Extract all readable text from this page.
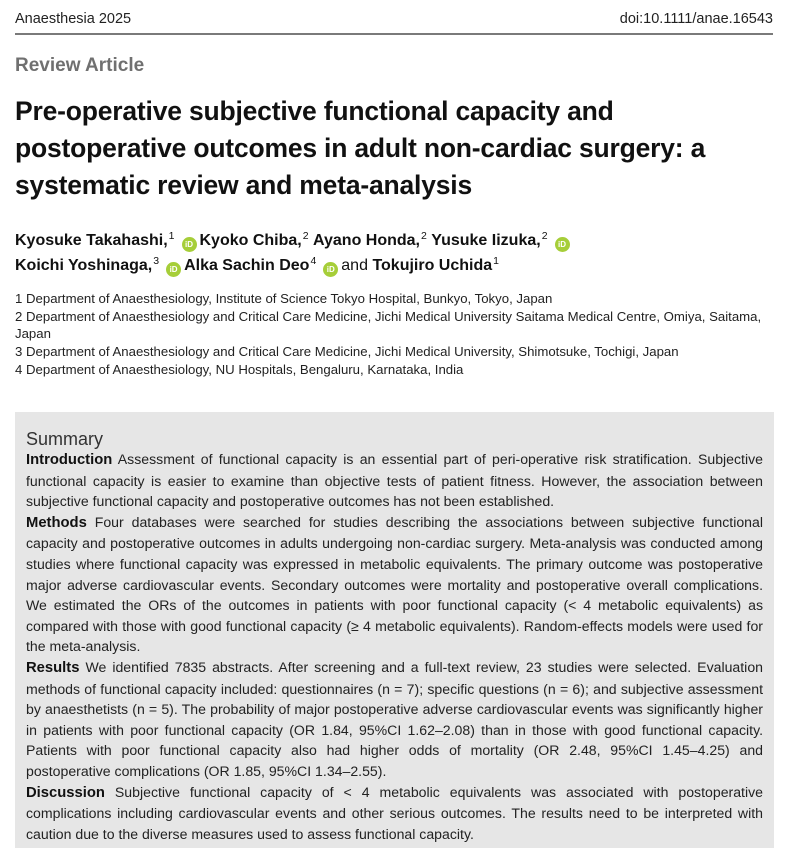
Anaesthesia 2025	doi:10.1111/anae.16543
Review Article
Pre-operative subjective functional capacity and postoperative outcomes in adult non-cardiac surgery: a systematic review and meta-analysis
Kyosuke Takahashi,$^1$iD Kyoko Chiba,$^2$ Ayano Honda,$^2$ Yusuke Iizuka,$^2$iD
Koichi Yoshinaga,$^3$iD Alka Sachin Deo$^4$iD and Tokujiro Uchida$^1$
1 Department of Anaesthesiology, Institute of Science Tokyo Hospital, Bunkyo, Tokyo, Japan
2 Department of Anaesthesiology and Critical Care Medicine, Jichi Medical University Saitama Medical Centre, Omiya, Saitama, Japan
3 Department of Anaesthesiology and Critical Care Medicine, Jichi Medical University, Shimotsuke, Tochigi, Japan
4 Department of Anaesthesiology, NU Hospitals, Bengaluru, Karnataka, India
Summary
Introduction Assessment of functional capacity is an essential part of peri-operative risk stratification. Subjective functional capacity is easier to examine than objective tests of patient fitness. However, the association between subjective functional capacity and postoperative outcomes has not been established.
Methods Four databases were searched for studies describing the associations between subjective functional capacity and postoperative outcomes in adults undergoing non-cardiac surgery. Meta-analysis was conducted among studies where functional capacity was expressed in metabolic equivalents. The primary outcome was postoperative major adverse cardiovascular events. Secondary outcomes were mortality and postoperative overall complications. We estimated the ORs of the outcomes in patients with poor functional capacity (< 4 metabolic equivalents) as compared with those with good functional capacity (≥ 4 metabolic equivalents). Random-effects models were used for the meta-analysis.
Results We identified 7835 abstracts. After screening and a full-text review, 23 studies were selected. Evaluation methods of functional capacity included: questionnaires (n = 7); specific questions (n = 6); and subjective assessment by anaesthetists (n = 5). The probability of major postoperative adverse cardiovascular events was significantly higher in patients with poor functional capacity (OR 1.84, 95%CI 1.62–2.08) than in those with good functional capacity. Patients with poor functional capacity also had higher odds of mortality (OR 2.48, 95%CI 1.45–4.25) and postoperative complications (OR 1.85, 95%CI 1.34–2.55).
Discussion Subjective functional capacity of < 4 metabolic equivalents was associated with postoperative complications including cardiovascular events and other serious outcomes. The results need to be interpreted with caution due to the diverse measures used to assess functional capacity.
